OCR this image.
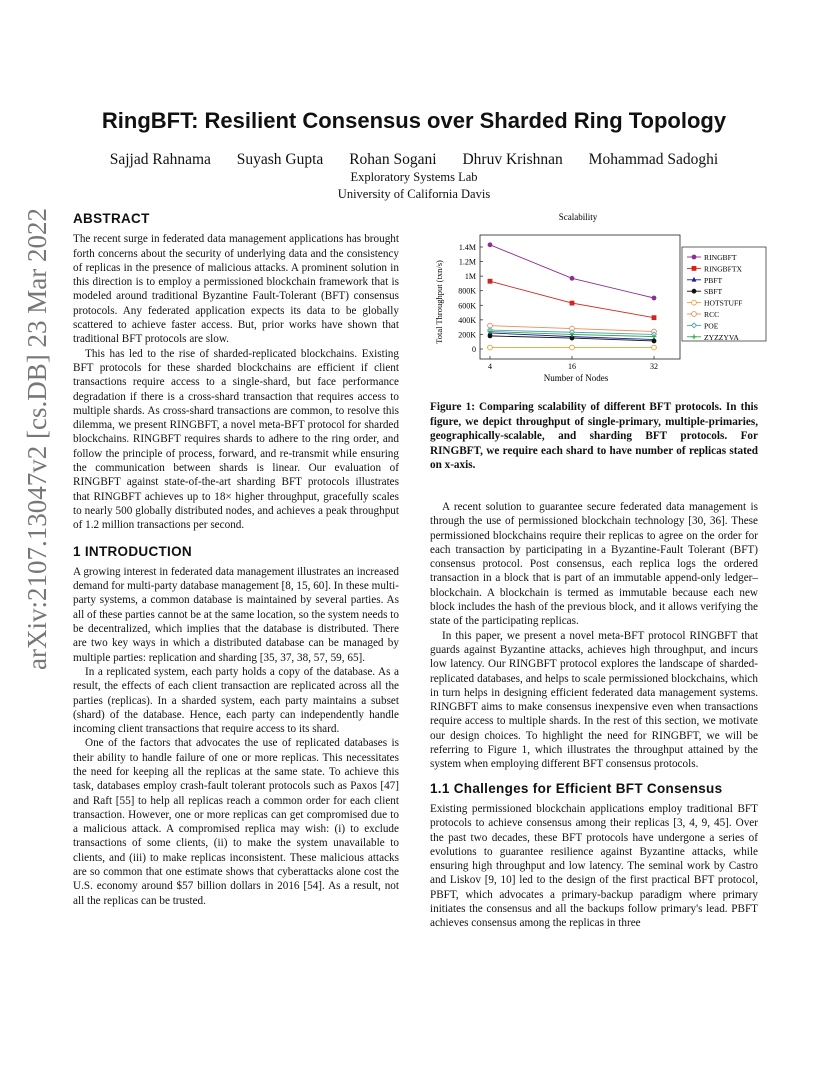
arXiv:2107.13047v2 [cs.DB] 23 Mar 2022
RingBFT: Resilient Consensus over Sharded Ring Topology
Sajjad Rahnama Suyash Gupta Rohan Sogani Dhruv Krishnan Mohammad Sadoghi
Exploratory Systems Lab
University of California Davis
ABSTRACT

The recent surge in federated data management applications has brought forth concerns about the security of underlying data and the consistency of replicas in the presence of malicious attacks. A prominent solution in this direction is to employ a permissioned blockchain framework that is modeled around traditional Byzantine Fault-Tolerant (BFT) consensus protocols. Any federated application expects its data to be globally scattered to achieve faster access. But, prior works have shown that traditional BFT protocols are slow.

This has led to the rise of sharded-replicated blockchains. Existing BFT protocols for these sharded blockchains are efficient if client transactions require access to a single-shard, but face performance degradation if there is a cross-shard transaction that requires access to multiple shards. As cross-shard transactions are common, to resolve this dilemma, we present RINGBFT, a novel meta-BFT protocol for sharded blockchains. RINGBFT requires shards to adhere to the ring order, and follow the principle of process, forward, and re-transmit while ensuring the communication between shards is linear. Our evaluation of RINGBFT against state-of-the-art sharding BFT protocols illustrates that RINGBFT achieves up to 18× higher throughput, gracefully scales to nearly 500 globally distributed nodes, and achieves a peak throughput of 1.2 million transactions per second.

1 INTRODUCTION

A growing interest in federated data management illustrates an increased demand for multi-party database management [8, 15, 60]. In these multi-party systems, a common database is maintained by several parties. As all of these parties cannot be at the same location, so the system needs to be decentralized, which implies that the database is distributed. There are two key ways in which a distributed database can be managed by multiple parties: replication and sharding [35, 37, 38, 57, 59, 65].

In a replicated system, each party holds a copy of the database. As a result, the effects of each client transaction are replicated across all the parties (replicas). In a sharded system, each party maintains a subset (shard) of the database. Hence, each party can independently handle incoming client transactions that require access to its shard.

One of the factors that advocates the use of replicated databases is their ability to handle failure of one or more replicas. This necessitates the need for keeping all the replicas at the same state. To achieve this task, databases employ crash-fault tolerant protocols such as Paxos [47] and Raft [55] to help all replicas reach a common order for each client transaction. However, one or more replicas can get compromised due to a malicious attack. A compromised replica may wish: (i) to exclude transactions of some clients, (ii) to make the system unavailable to clients, and (iii) to make replicas inconsistent. These malicious attacks are so common that one estimate shows that cyberattacks alone cost the U.S. economy around $57 billion dollars in 2016 [54]. As a result, not all the replicas can be trusted.

Scalability
Total Throughput (txn/s)
Number of Nodes
0
200K
400K
600K
800K
1M
1.2M
1.4M
4	16	32
RINGBFT
RINGBFTX
PBFT
SBFT
HOTSTUFF
RCC
POE
ZYZZYVA
Figure 1: Comparing scalability of different BFT protocols. In this figure, we depict throughput of single-primary, multiple-primaries, geographically-scalable, and sharding BFT protocols. For RINGBFT, we require each shard to have number of replicas stated on x-axis.

A recent solution to guarantee secure federated data management is through the use of permissioned blockchain technology [30, 36]. These permissioned blockchains require their replicas to agree on the order for each transaction by participating in a Byzantine-Fault Tolerant (BFT) consensus protocol. Post consensus, each replica logs the ordered transaction in a block that is part of an immutable append-only ledger–blockchain. A blockchain is termed as immutable because each new block includes the hash of the previous block, and it allows verifying the state of the participating replicas.

In this paper, we present a novel meta-BFT protocol RINGBFT that guards against Byzantine attacks, achieves high throughput, and incurs low latency. Our RINGBFT protocol explores the landscape of sharded-replicated databases, and helps to scale permissioned blockchains, which in turn helps in designing efficient federated data management systems. RINGBFT aims to make consensus inexpensive even when transactions require access to multiple shards. In the rest of this section, we motivate our design choices. To highlight the need for RINGBFT, we will be referring to Figure 1, which illustrates the throughput attained by the system when employing different BFT consensus protocols.

1.1 Challenges for Efficient BFT Consensus

Existing permissioned blockchain applications employ traditional BFT protocols to achieve consensus among their replicas [3, 4, 9, 45]. Over the past two decades, these BFT protocols have undergone a series of evolutions to guarantee resilience against Byzantine attacks, while ensuring high throughput and low latency. The seminal work by Castro and Liskov [9, 10] led to the design of the first practical BFT protocol, PBFT, which advocates a primary-backup paradigm where primary initiates the consensus and all the backups follow primary's lead. PBFT achieves consensus among the replicas in three
